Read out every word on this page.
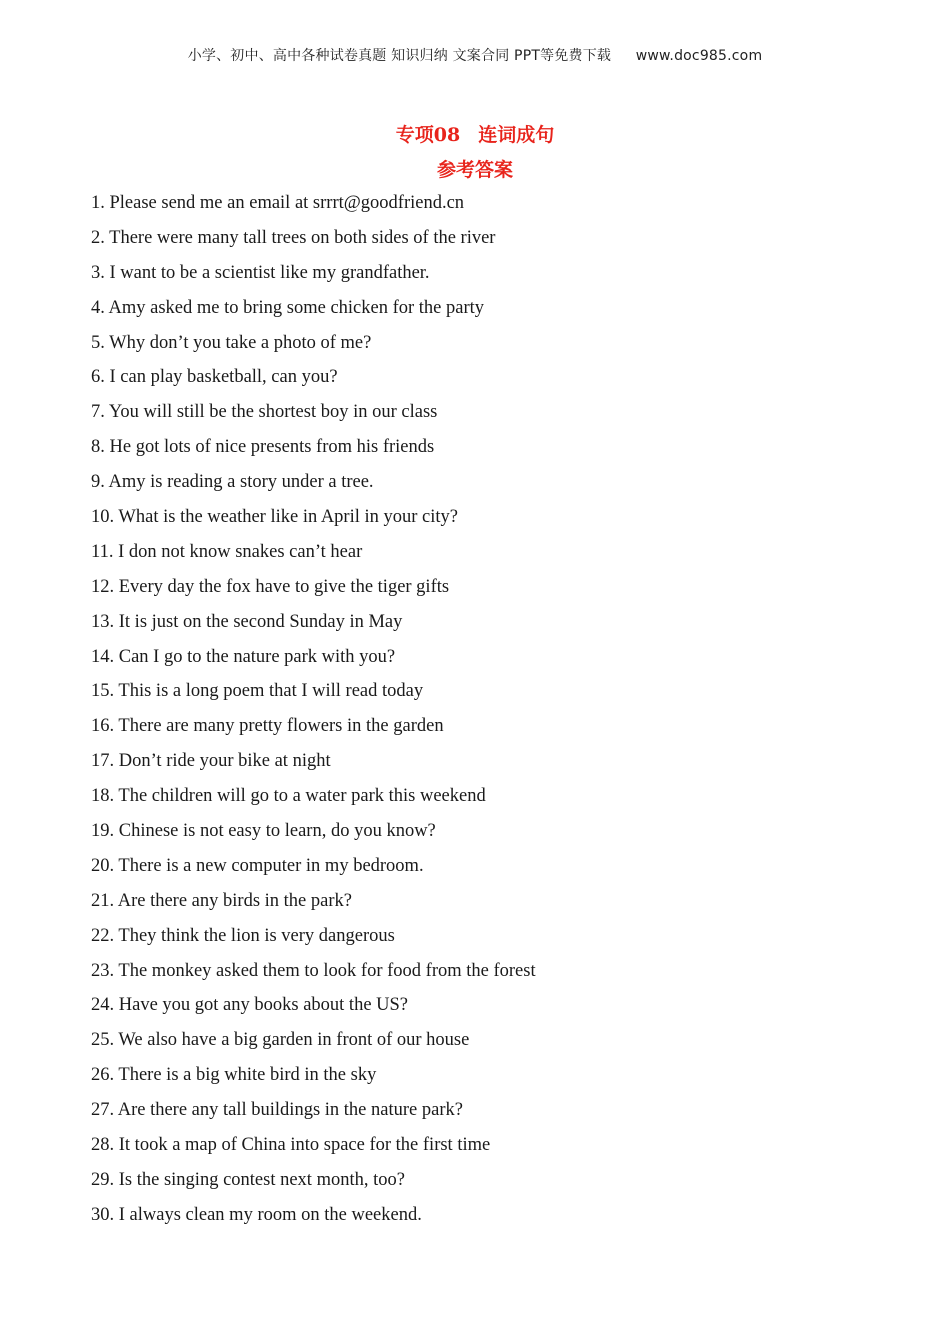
小学、初中、高中各种试卷真题 知识归纳 文案合同 PPT等免费下载 www.doc985.com
专项08 连词成句
参考答案
1. Please send me an email at srrrt@goodfriend.cn
2. There were many tall trees on both sides of the river
3. I want to be a scientist like my grandfather.
4. Amy asked me to bring some chicken for the party
5. Why don’t you take a photo of me?
6. I can play basketball, can you?
7. You will still be the shortest boy in our class
8. He got lots of nice presents from his friends
9. Amy is reading a story under a tree.
10. What is the weather like in April in your city?
11. I don not know snakes can’t hear
12. Every day the fox have to give the tiger gifts
13. It is just on the second Sunday in May
14. Can I go to the nature park with you?
15. This is a long poem that I will read today
16. There are many pretty flowers in the garden
17. Don’t ride your bike at night
18. The children will go to a water park this weekend
19. Chinese is not easy to learn, do you know?
20. There is a new computer in my bedroom.
21. Are there any birds in the park?
22. They think the lion is very dangerous
23. The monkey asked them to look for food from the forest
24. Have you got any books about the US?
25. We also have a big garden in front of our house
26. There is a big white bird in the sky
27. Are there any tall buildings in the nature park?
28. It took a map of China into space for the first time
29. Is the singing contest next month, too?
30. I always clean my room on the weekend.
